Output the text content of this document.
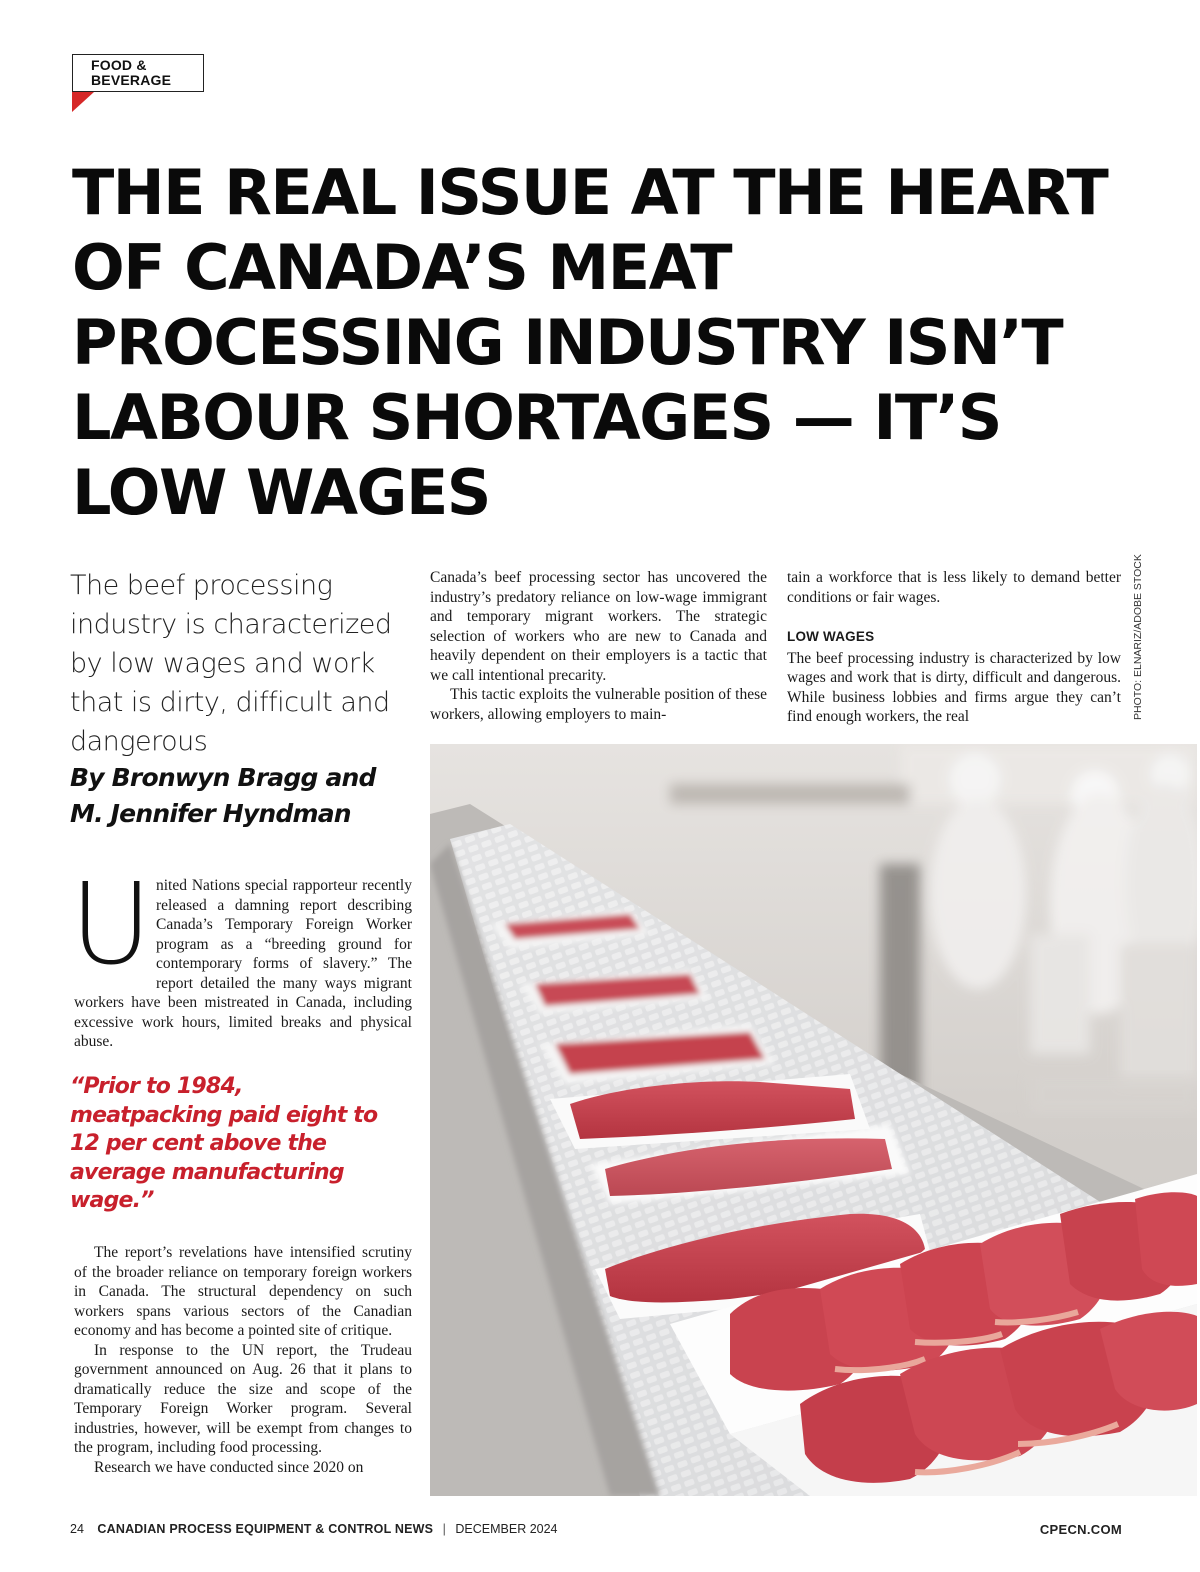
FOOD &
BEVERAGE
THE REAL ISSUE AT THE HEART OF CANADA’S MEAT PROCESSING INDUSTRY ISN’T LABOUR SHORTAGES — IT’S LOW WAGES

The beef processing industry is characterized by low wages and work that is dirty, difficult and dangerous

By Bronwyn Bragg and M. Jennifer Hyndman

U nited Nations special rapporteur recently released a damning report describing Canada’s Temporary Foreign Worker program as a “breeding ground for contemporary forms of slavery.” The report detailed the many ways migrant workers have been mistreated in Canada, including excessive work hours, limited breaks and physical abuse.

“Prior to 1984, meatpacking paid eight to 12 per cent above the average manufacturing wage.”

The report’s revelations have intensified scrutiny of the broader reliance on temporary foreign workers in Canada. The structural dependency on such workers spans various sectors of the Canadian economy and has become a pointed site of critique.

In response to the UN report, the Trudeau government announced on Aug. 26 that it plans to dramatically reduce the size and scope of the Temporary Foreign Worker program. Several industries, however, will be exempt from changes to the program, including food processing.

Research we have conducted since 2020 on

Canada’s beef processing sector has uncovered the industry’s predatory reliance on low-wage immigrant and temporary migrant workers. The strategic selection of workers who are new to Canada and heavily dependent on their employers is a tactic that we call intentional precarity.

This tactic exploits the vulnerable position of these workers, allowing employers to main-

tain a workforce that is less likely to demand better conditions or fair wages.

LOW WAGES

The beef processing industry is characterized by low wages and work that is dirty, difficult and dangerous. While business lobbies and firms argue they can’t find enough workers, the real	PHOTO: ELNARIZ/ADOBE STOCK
24 CANADIAN PROCESS EQUIPMENT & CONTROL NEWS | DECEMBER 2024	CPECN.COM
